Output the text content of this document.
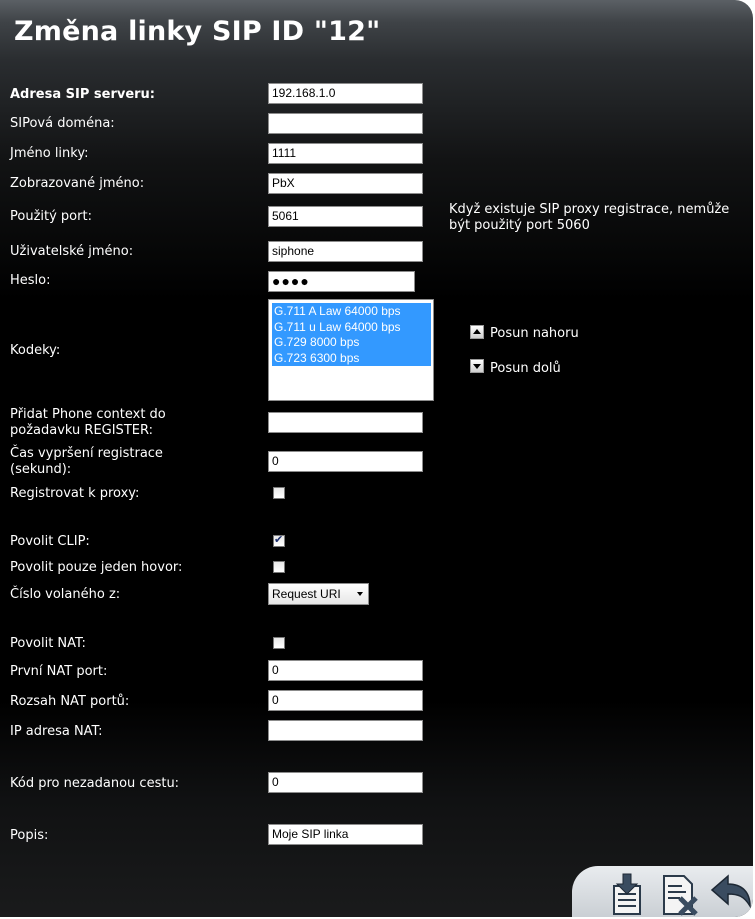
Změna linky SIP ID "12"
Adresa SIP serveru:	192.168.1.0
SIPová doména:
Jméno linky:	1111
Zobrazované jméno:	PbX
Použitý port:	5061	Když existuje SIP proxy registrace, nemůže být použitý port 5060
Uživatelské jméno:	siphone
Heslo:	●●●●
Kodeky:
G.711 A Law 64000 bps
G.711 u Law 64000 bps
G.729 8000 bps
G.723 6300 bps
Posun nahoru
Posun dolů
Přidat Phone context do
požadavku REGISTER:
Čas vypršení registrace
(sekund):
0
Registrovat k proxy:
Povolit CLIP:	✔
Povolit pouze jeden hovor:
Číslo volaného z:	Request URI
Povolit NAT:
První NAT port:	0
Rozsah NAT portů:	0
IP adresa NAT:
Kód pro nezadanou cestu:	0
Popis:	Moje SIP linka
